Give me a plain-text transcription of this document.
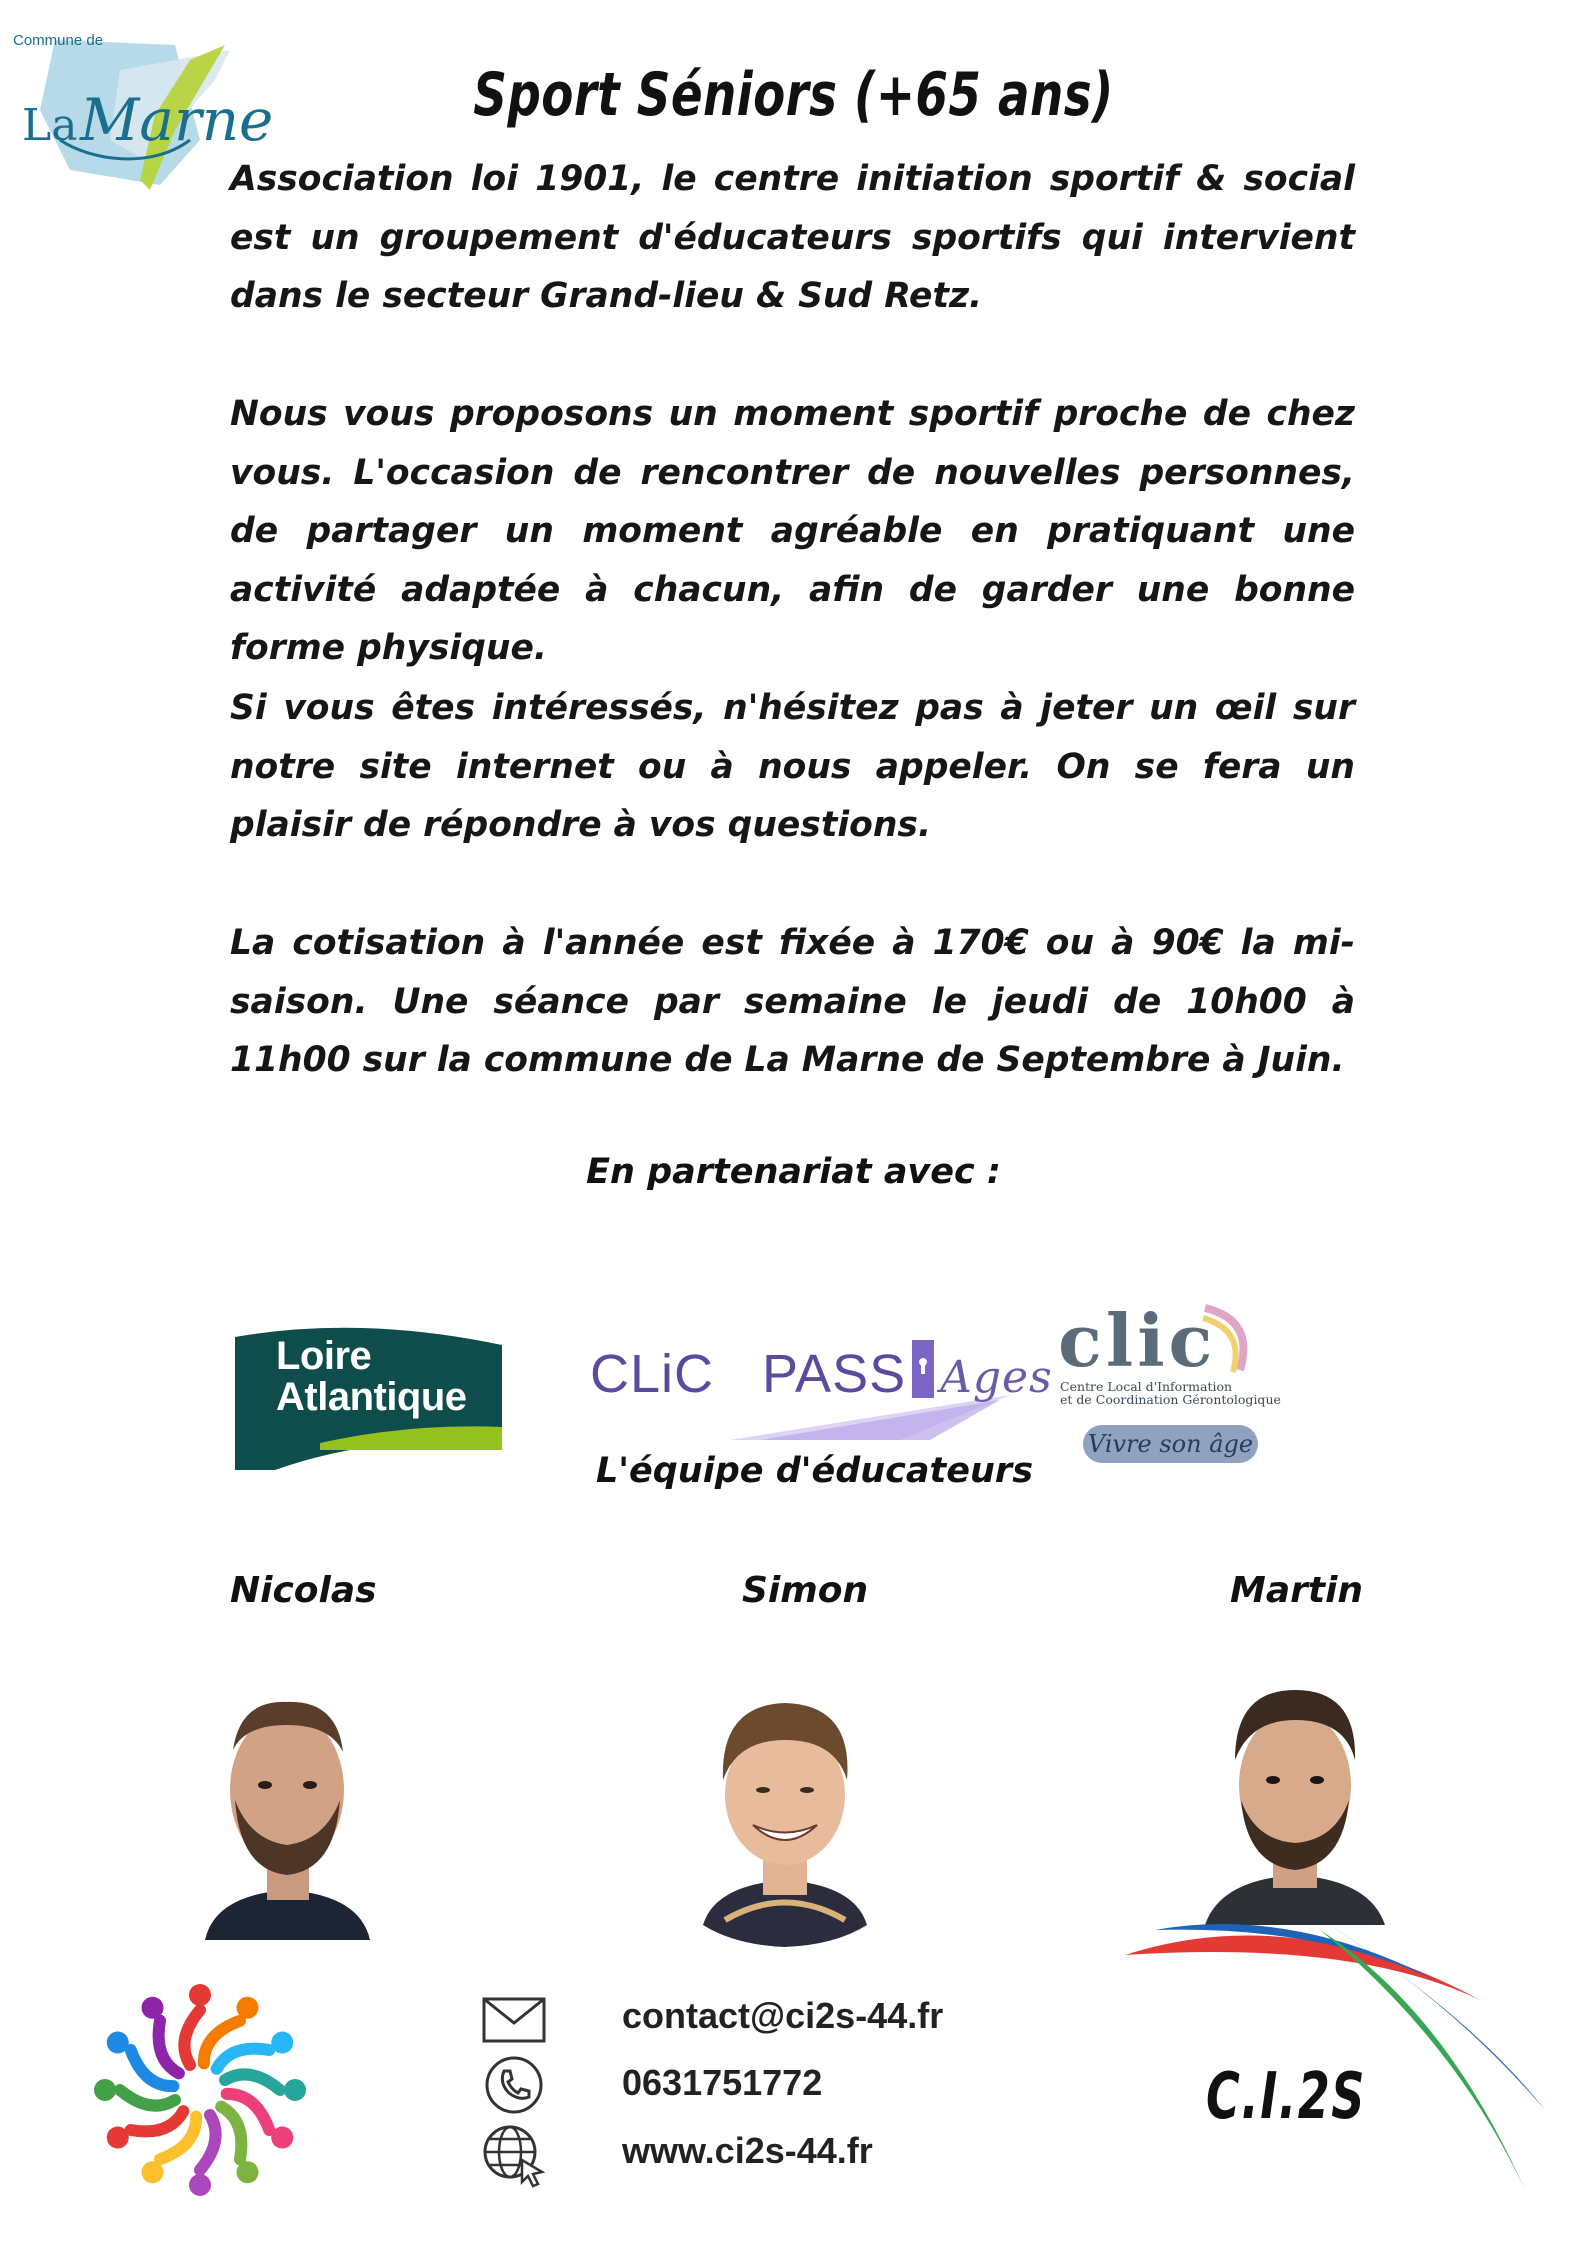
La Marne
Commune de
Sport Séniors (+65 ans)
Association loi 1901, le centre initiation sportif & social est un groupement d'éducateurs sportifs qui intervient dans le secteur Grand-lieu & Sud Retz.
Nous vous proposons un moment sportif proche de chez vous. L'occasion de rencontrer de nouvelles personnes, de partager un moment agréable en pratiquant une activité adaptée à chacun, afin de garder une bonne forme physique.
Si vous êtes intéressés, n'hésitez pas à jeter un œil sur notre site internet ou à nous appeler. On se fera un plaisir de répondre à vos questions.
La cotisation à l'année est fixée à 170€ ou à 90€ la mi-saison. Une séance par semaine le jeudi de 10h00 à 11h00 sur la commune de La Marne de Septembre à Juin.
En partenariat avec :
Loire
Atlantique CLiC PASS Ages clic
Centre Local d'Information
et de Coordination Gérontologique
Vivre son âge
L'équipe d'éducateurs
Nicolas	Simon	Martin
contact@ci2s-44.fr
0631751772
www.ci2s-44.fr
C.I.2S
